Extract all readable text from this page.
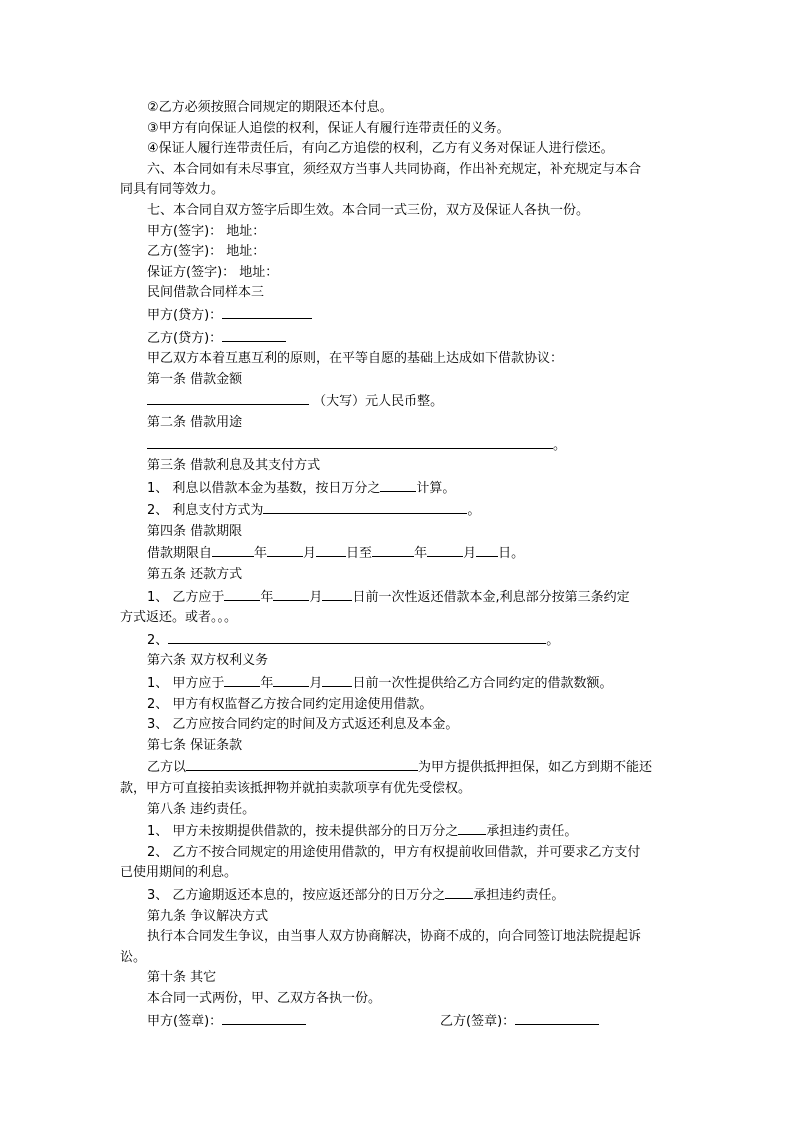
②乙方必须按照合同规定的期限还本付息。
③甲方有向保证人追偿的权利，保证人有履行连带责任的义务。
④保证人履行连带责任后，有向乙方追偿的权利，乙方有义务对保证人进行偿还。
六、本合同如有未尽事宜，须经双方当事人共同协商，作出补充规定，补充规定与本合
同具有同等效力。
七、本合同自双方签字后即生效。本合同一式三份，双方及保证人各执一份。
甲方(签字)： 地址：
乙方(签字)： 地址：
保证方(签字)： 地址：
民间借款合同样本三
甲方(贷方)：
乙方(贷方)：
甲乙双方本着互惠互利的原则，在平等自愿的基础上达成如下借款协议：
第一条 借款金额
（大写）元人民币整。
第二条 借款用途
。
第三条 借款利息及其支付方式
1、 利息以借款本金为基数，按日万分之	计算。
2、 利息支付方式为	。
第四条 借款期限
借款期限自	年	月 日至	年	月 日。
第五条 还款方式
1、 乙方应于	年	月 日前一次性返还借款本金,利息部分按第三条约定
方式返还。或者。。。
2、	。
第六条 双方权利义务
1、 甲方应于	年	月 日前一次性提供给乙方合同约定的借款数额。
2、 甲方有权监督乙方按合同约定用途使用借款。
3、 乙方应按合同约定的时间及方式返还利息及本金。
第七条 保证条款
乙方以	为甲方提供抵押担保，如乙方到期不能还
款，甲方可直接拍卖该抵押物并就拍卖款项享有优先受偿权。
第八条 违约责任。
1、 甲方未按期提供借款的，按未提供部分的日万分之 承担违约责任。
2、 乙方不按合同规定的用途使用借款的，甲方有权提前收回借款，并可要求乙方支付
已使用期间的利息。
3、 乙方逾期返还本息的，按应返还部分的日万分之 承担违约责任。
第九条 争议解决方式
执行本合同发生争议，由当事人双方协商解决，协商不成的，向合同签订地法院提起诉
讼。
第十条 其它
本合同一式两份，甲、乙双方各执一份。
甲方(签章)：	乙方(签章)：
